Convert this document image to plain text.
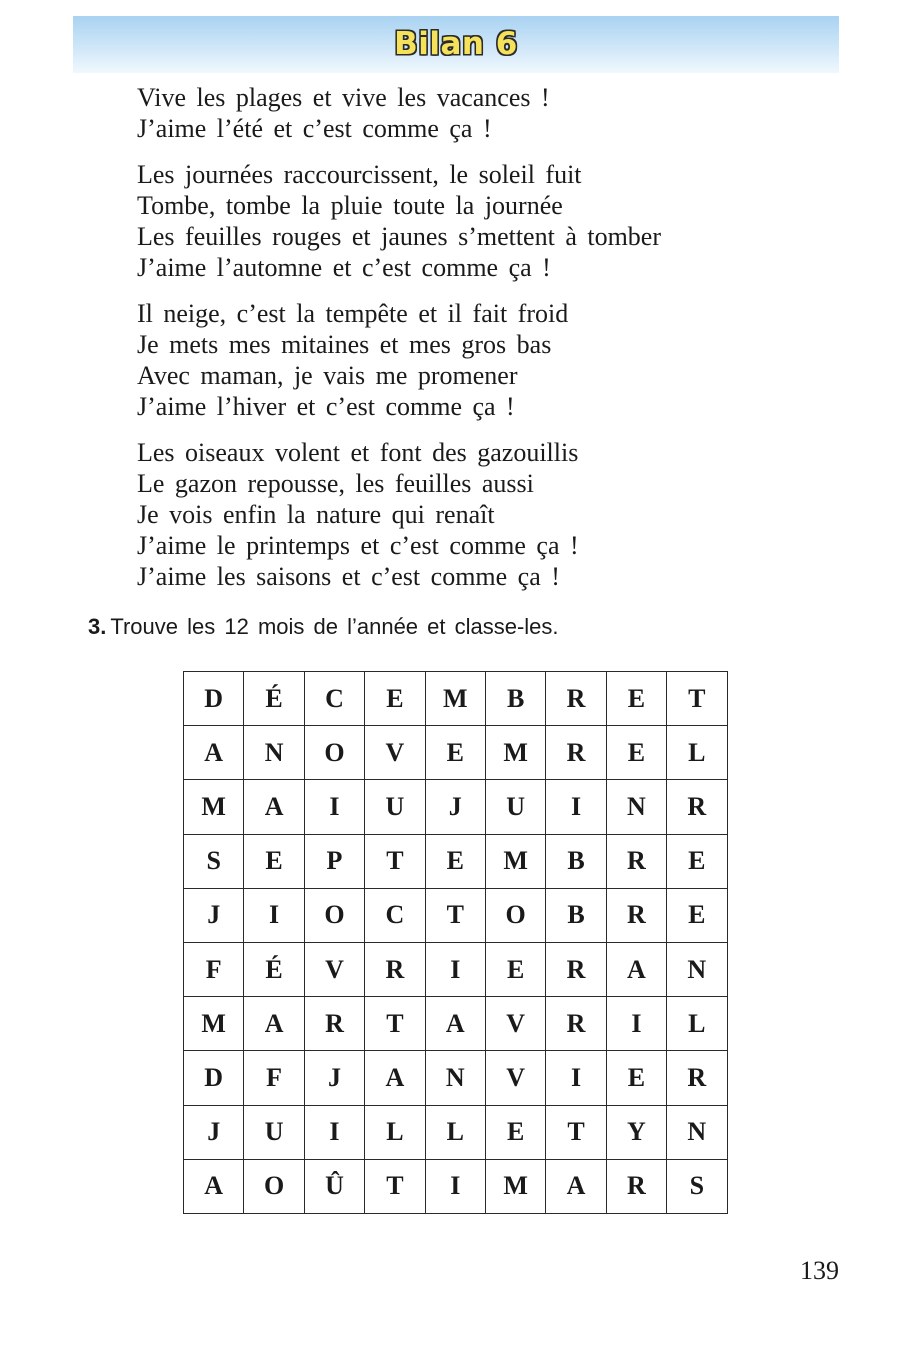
Bilan 6
Vive les plages et vive les vacances !
J’aime l’été et c’est comme ça !
Les journées raccourcissent, le soleil fuit
Tombe, tombe la pluie toute la journée
Les feuilles rouges et jaunes s’mettent à tomber
J’aime l’automne et c’est comme ça !
Il neige, c’est la tempête et il fait froid
Je mets mes mitaines et mes gros bas
Avec maman, je vais me promener
J’aime l’hiver et c’est comme ça !
Les oiseaux volent et font des gazouillis
Le gazon repousse, les feuilles aussi
Je vois enfin la nature qui renaît
J’aime le printemps et c’est comme ça !
J’aime les saisons et c’est comme ça !
3. Trouve les 12 mois de l’année et classe-les.
D	É	C	E	M	B	R	E	T
A	N	O	V	E	M	R	E	L
M	A	I	U	J	U	I	N	R
S	E	P	T	E	M	B	R	E
J	I	O	C	T	O	B	R	E
F	É	V	R	I	E	R	A	N
M	A	R	T	A	V	R	I	L
D	F	J	A	N	V	I	E	R
J	U	I	L	L	E	T	Y	N
A	O	Û	T	I	M	A	R	S
139
